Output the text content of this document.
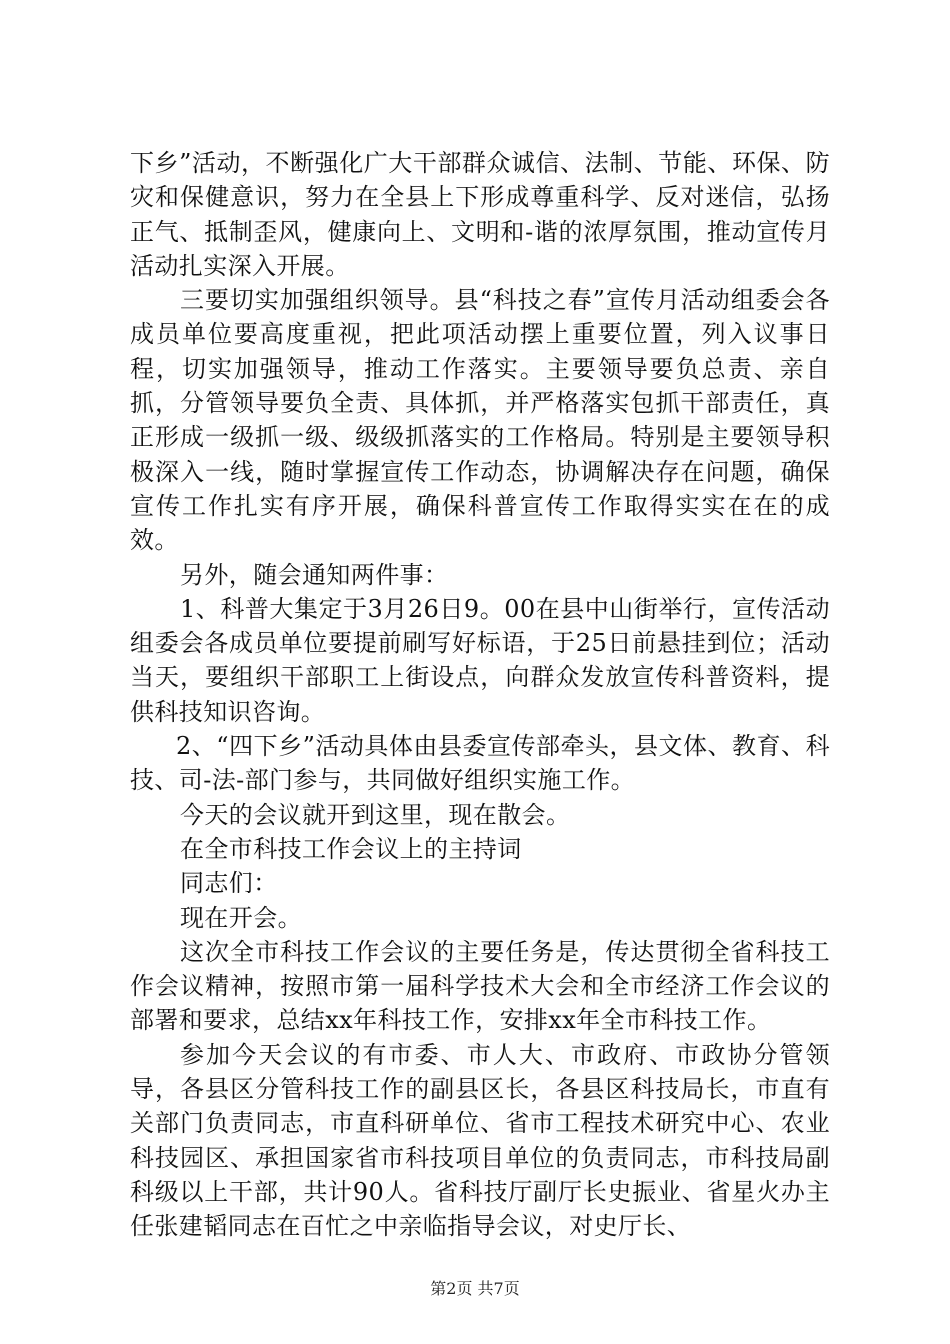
下乡”活动，不断强化广大干部群众诚信、法制、节能、环保、防灾和保健意识，努力在全县上下形成尊重科学、反对迷信，弘扬正气、抵制歪风，健康向上、文明和-谐的浓厚氛围，推动宣传月活动扎实深入开展。

三要切实加强组织领导。县“科技之春”宣传月活动组委会各成员单位要高度重视，把此项活动摆上重要位置，列入议事日程，切实加强领导，推动工作落实。主要领导要负总责、亲自抓，分管领导要负全责、具体抓，并严格落实包抓干部责任，真正形成一级抓一级、级级抓落实的工作格局。特别是主要领导积极深入一线，随时掌握宣传工作动态，协调解决存在问题，确保宣传工作扎实有序开展，确保科普宣传工作取得实实在在的成效。

另外，随会通知两件事：

1、科普大集定于3月26日9。00在县中山街举行，宣传活动组委会各成员单位要提前刷写好标语，于25日前悬挂到位；活动当天，要组织干部职工上街设点，向群众发放宣传科普资料，提供科技知识咨询。

2、“四下乡”活动具体由县委宣传部牵头，县文体、教育、科技、司-法-部门参与，共同做好组织实施工作。

今天的会议就开到这里，现在散会。

在全市科技工作会议上的主持词

同志们：

现在开会。

这次全市科技工作会议的主要任务是，传达贯彻全省科技工作会议精神，按照市第一届科学技术大会和全市经济工作会议的部署和要求，总结xx年科技工作，安排xx年全市科技工作。

参加今天会议的有市委、市人大、市政府、市政协分管领导，各县区分管科技工作的副县区长，各县区科技局长，市直有关部门负责同志，市直科研单位、省市工程技术研究中心、农业科技园区、承担国家省市科技项目单位的负责同志，市科技局副科级以上干部，共计90人。省科技厅副厅长史振业、省星火办主任张建韬同志在百忙之中亲临指导会议，对史厅长、

第2页 共7页
